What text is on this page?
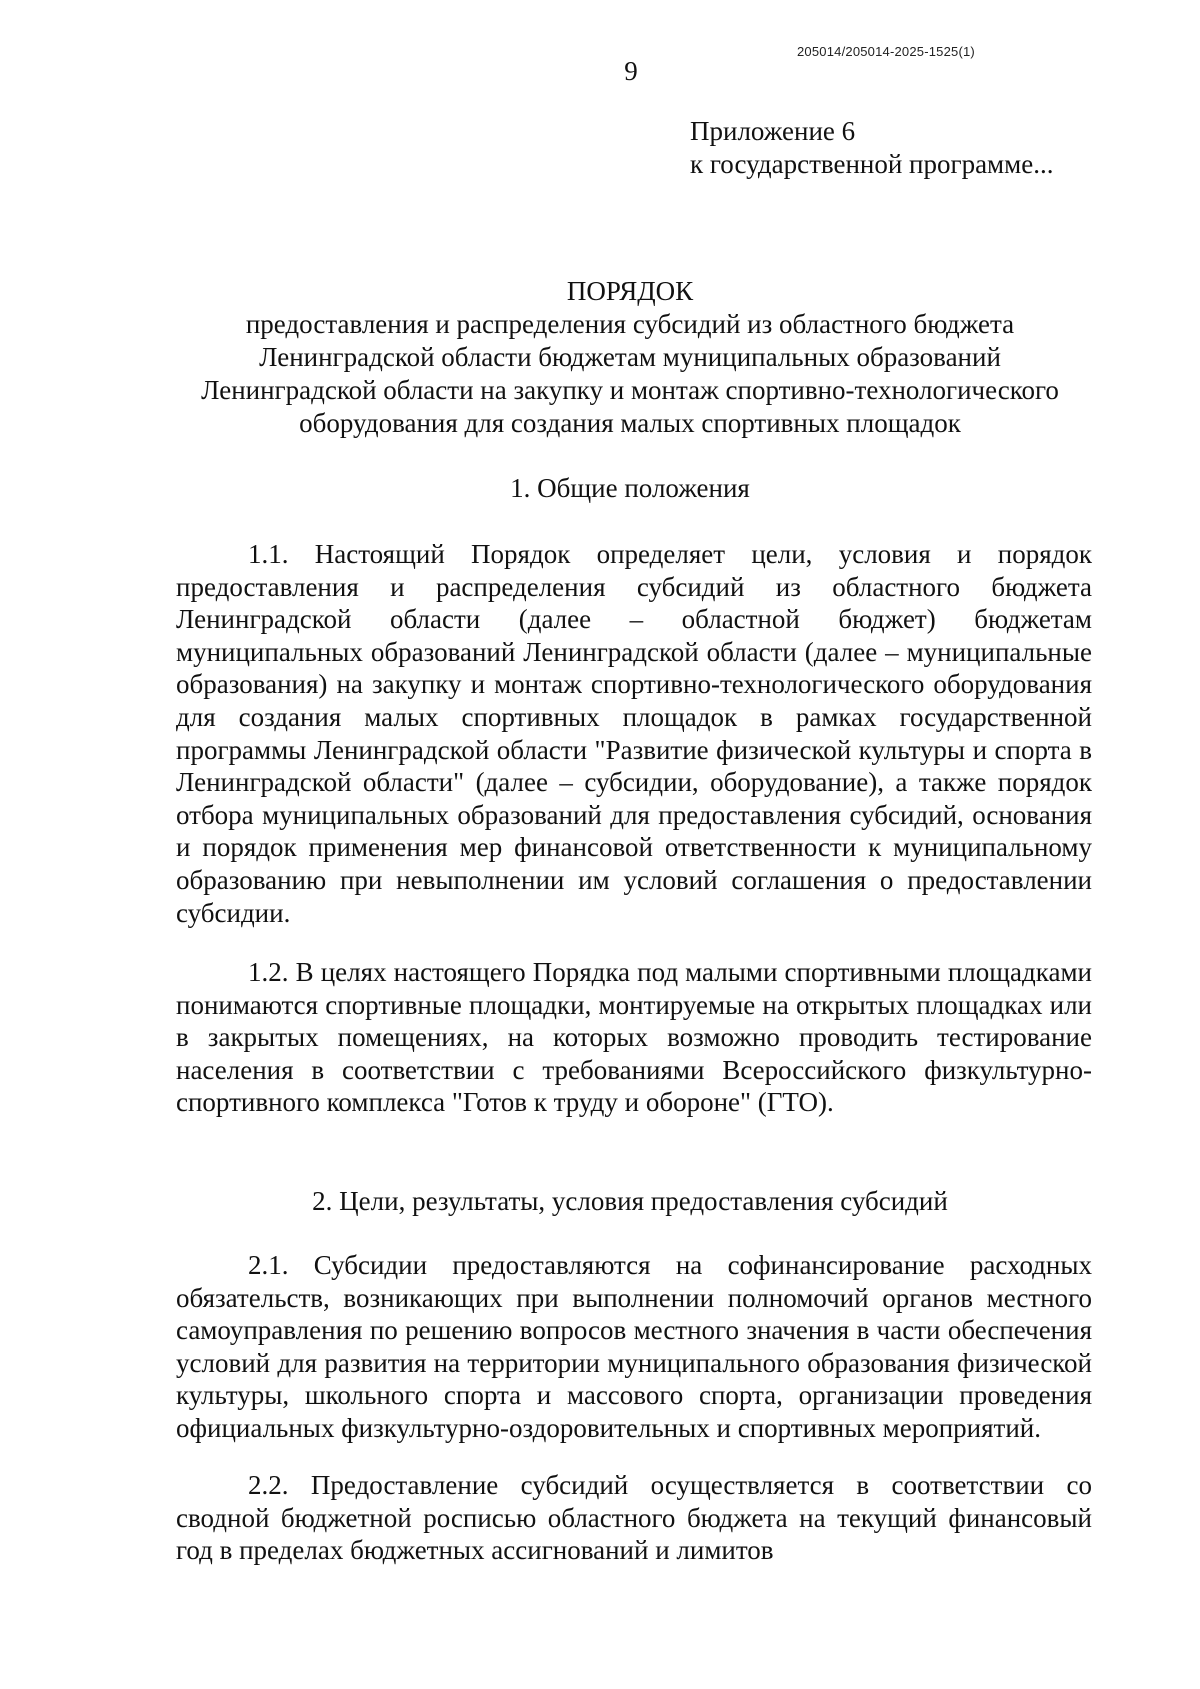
205014/205014-2025-1525(1)
9
Приложение 6
к государственной программе...
ПОРЯДОК
предоставления и распределения субсидий из областного бюджета
Ленинградской области бюджетам муниципальных образований
Ленинградской области на закупку и монтаж спортивно-технологического
оборудования для создания малых спортивных площадок
1. Общие положения
1.1. Настоящий Порядок определяет цели, условия и порядок предоставления и распределения субсидий из областного бюджета Ленинградской области (далее – областной бюджет) бюджетам муниципальных образований Ленинградской области (далее – муниципальные образования) на закупку и монтаж спортивно-технологического оборудования для создания малых спортивных площадок в рамках государственной программы Ленинградской области "Развитие физической культуры и спорта в Ленинградской области" (далее – субсидии, оборудование), а также порядок отбора муниципальных образований для предоставления субсидий, основания и порядок применения мер финансовой ответственности к муниципальному образованию при невыполнении им условий соглашения о предоставлении субсидии.
1.2. В целях настоящего Порядка под малыми спортивными площадками понимаются спортивные площадки, монтируемые на открытых площадках или в закрытых помещениях, на которых возможно проводить тестирование населения в соответствии с требованиями Всероссийского физкультурно-спортивного комплекса "Готов к труду и обороне" (ГТО).
2. Цели, результаты, условия предоставления субсидий
2.1. Субсидии предоставляются на софинансирование расходных обязательств, возникающих при выполнении полномочий органов местного самоуправления по решению вопросов местного значения в части обеспечения условий для развития на территории муниципального образования физической культуры, школьного спорта и массового спорта, организации проведения официальных физкультурно-оздоровительных и спортивных мероприятий.
2.2. Предоставление субсидий осуществляется в соответствии со сводной бюджетной росписью областного бюджета на текущий финансовый год в пределах бюджетных ассигнований и лимитов
